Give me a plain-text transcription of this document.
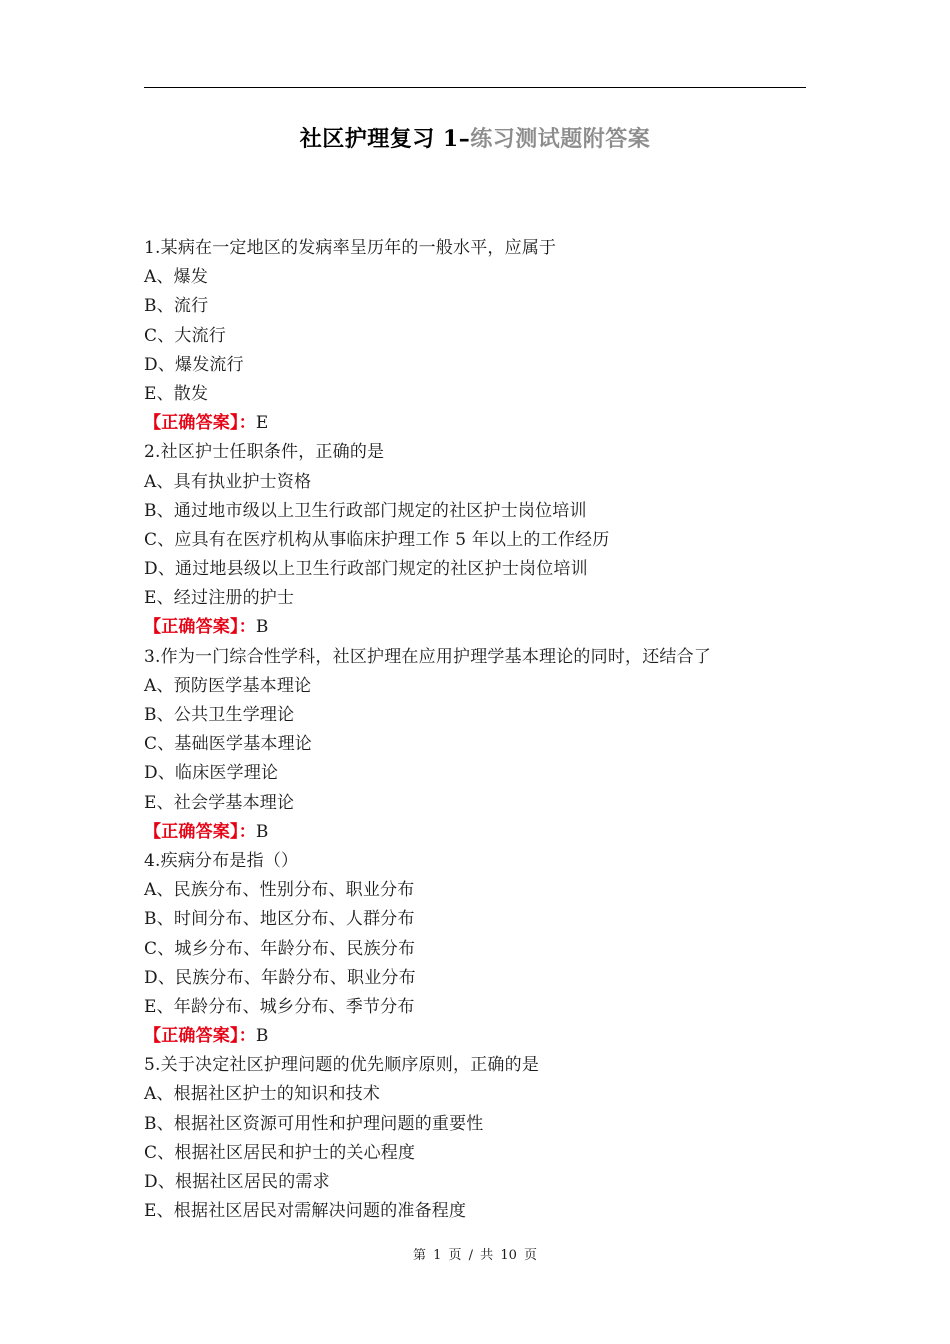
社区护理复习 1–练习测试题附答案
1.某病在一定地区的发病率呈历年的一般水平，应属于
A、爆发
B、流行
C、大流行
D、爆发流行
E、散发
【正确答案】：E
2.社区护士任职条件，正确的是
A、具有执业护士资格
B、通过地市级以上卫生行政部门规定的社区护士岗位培训
C、应具有在医疗机构从事临床护理工作 5 年以上的工作经历
D、通过地县级以上卫生行政部门规定的社区护士岗位培训
E、经过注册的护士
【正确答案】：B
3.作为一门综合性学科，社区护理在应用护理学基本理论的同时，还结合了
A、预防医学基本理论
B、公共卫生学理论
C、基础医学基本理论
D、临床医学理论
E、社会学基本理论
【正确答案】：B
4.疾病分布是指（）
A、民族分布、性别分布、职业分布
B、时间分布、地区分布、人群分布
C、城乡分布、年龄分布、民族分布
D、民族分布、年龄分布、职业分布
E、年龄分布、城乡分布、季节分布
【正确答案】：B
5.关于决定社区护理问题的优先顺序原则，正确的是
A、根据社区护士的知识和技术
B、根据社区资源可用性和护理问题的重要性
C、根据社区居民和护士的关心程度
D、根据社区居民的需求
E、根据社区居民对需解决问题的准备程度
第 1 页 / 共 10 页
